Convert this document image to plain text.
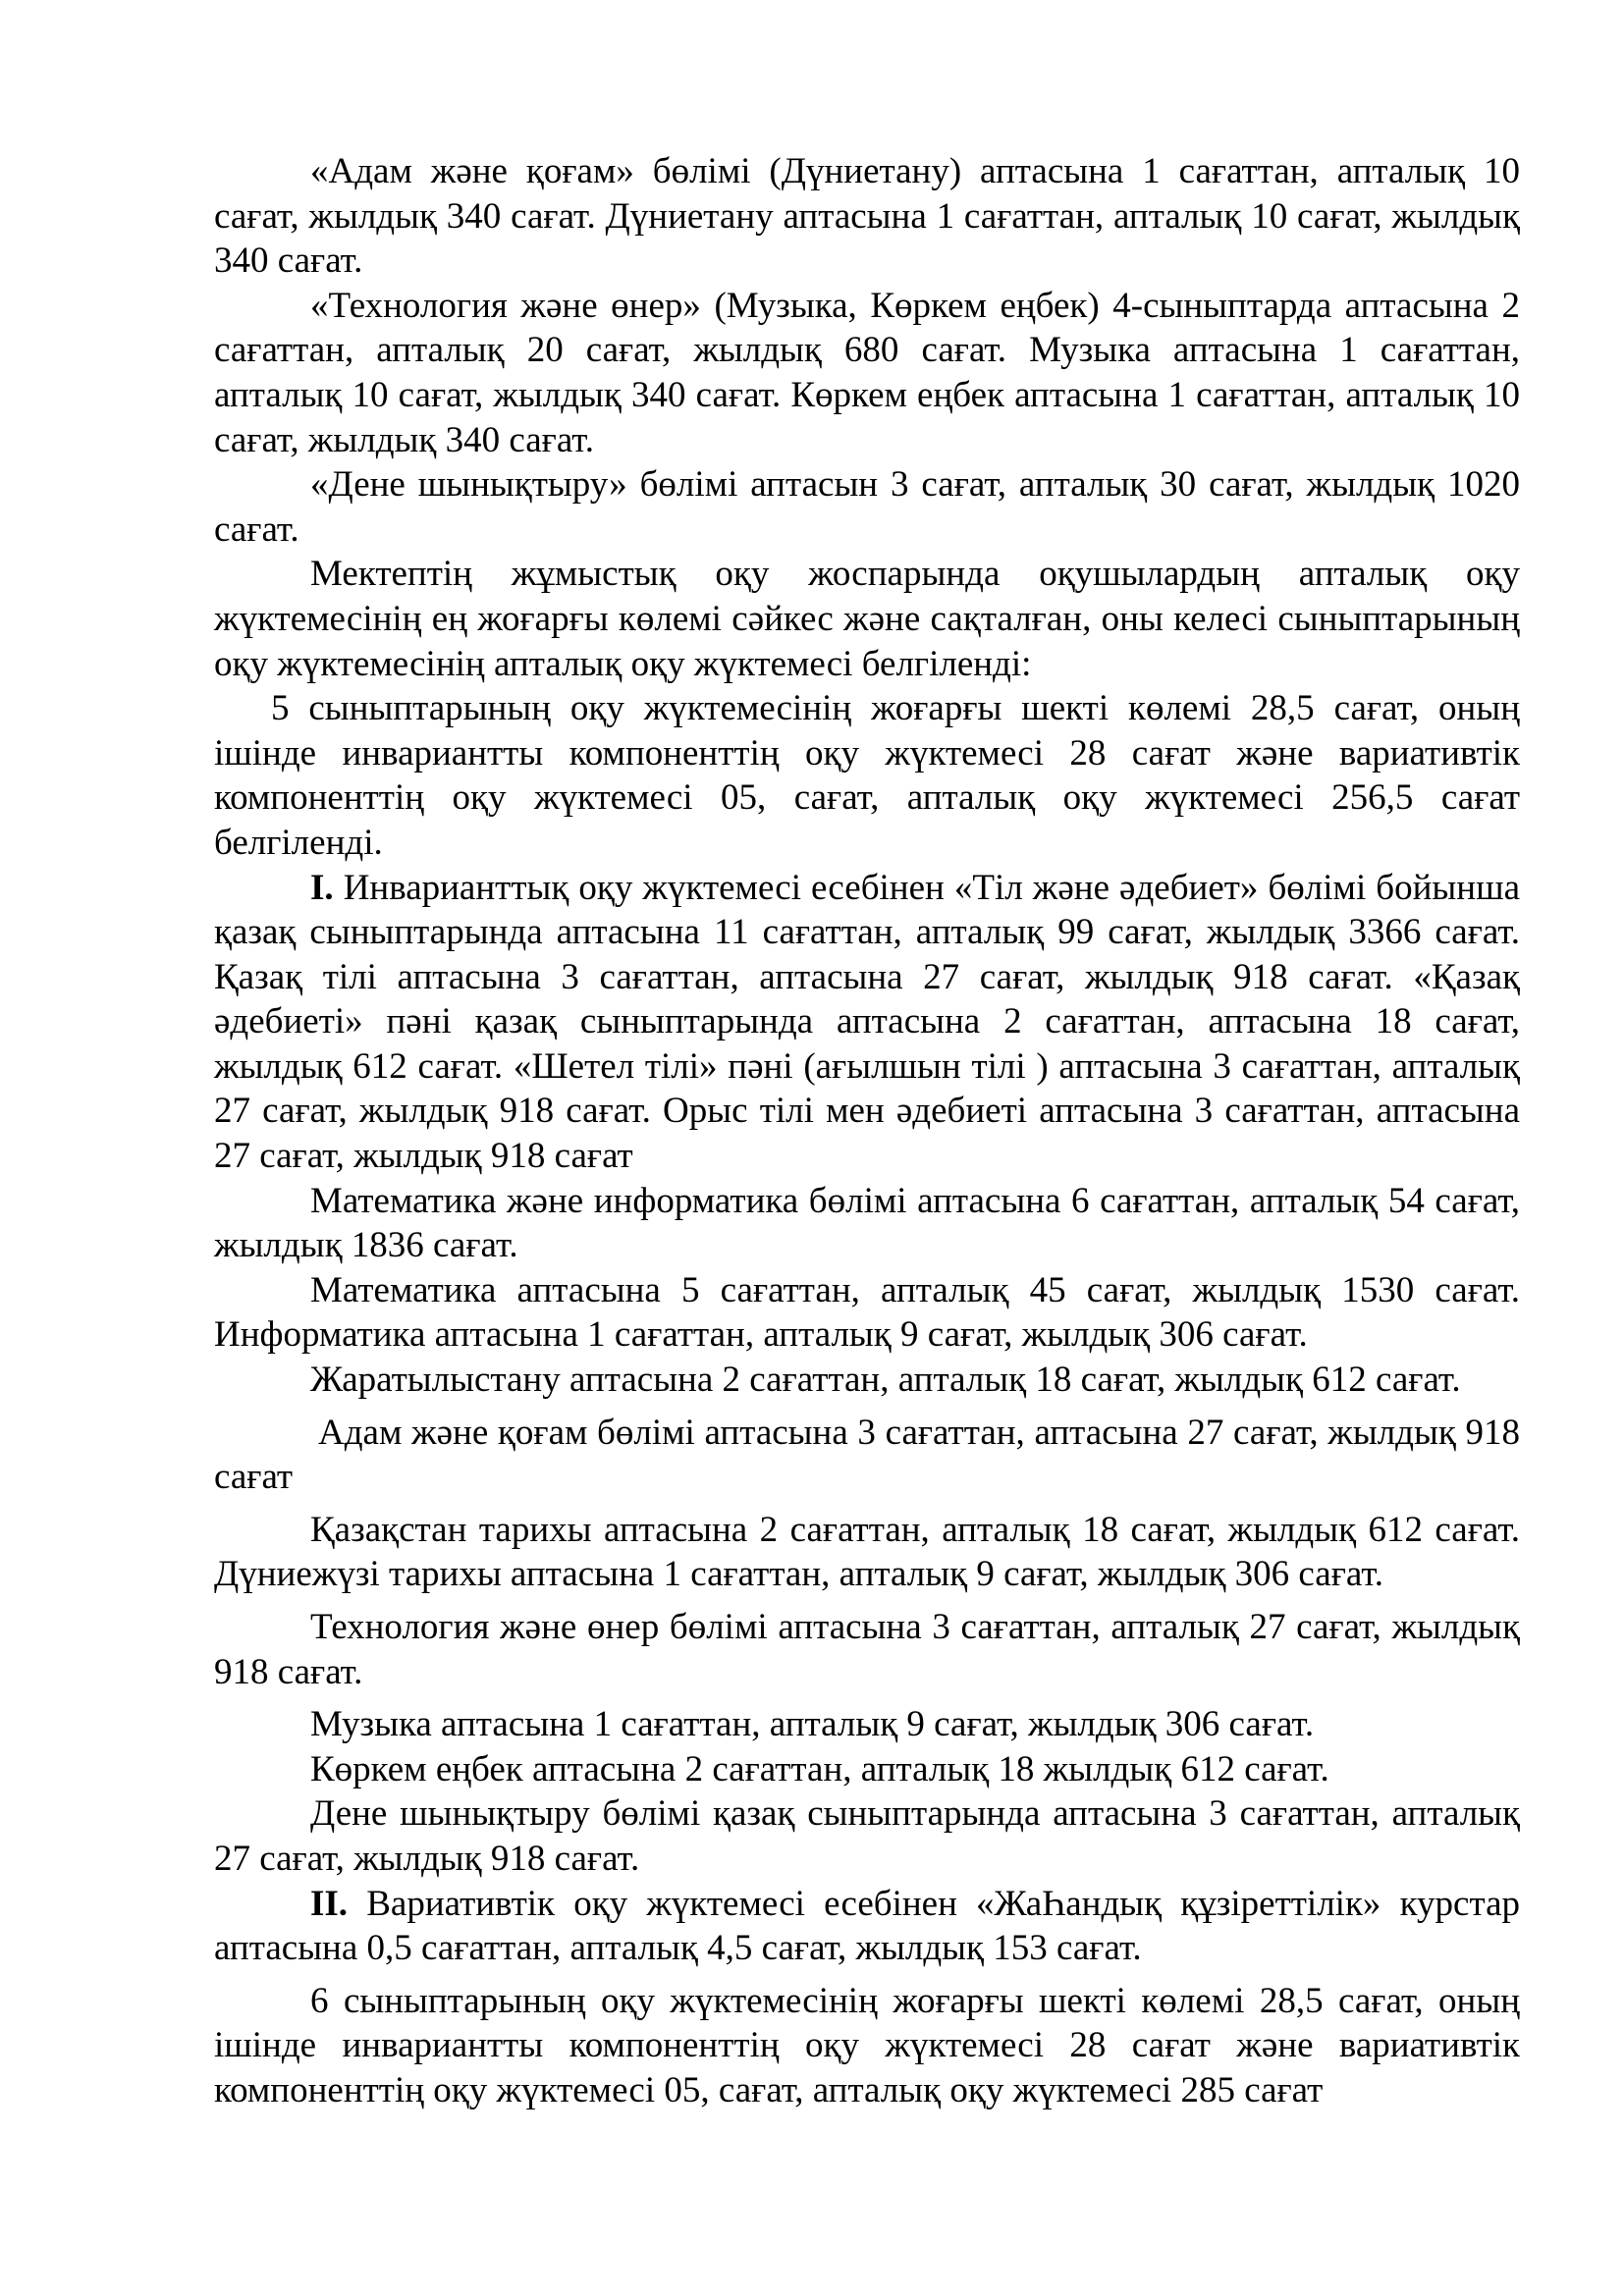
«Адам және қоғам» бөлімі (Дүниетану) аптасына 1 сағаттан, апталық 10 сағат, жылдық 340 сағат. Дүниетану аптасына 1 сағаттан, апталық 10 сағат, жылдық 340 сағат.

«Технология және өнер» (Музыка, Көркем еңбек) 4-сыныптарда аптасына 2 сағаттан, апталық 20 сағат, жылдық 680 сағат. Музыка аптасына 1 сағаттан, апталық 10 сағат, жылдық 340 сағат. Көркем еңбек аптасына 1 сағаттан, апталық 10 сағат, жылдық 340 сағат.

«Дене шынықтыру» бөлімі аптасын 3 сағат, апталық 30 сағат, жылдық 1020 сағат.

Мектептің жұмыстық оқу жоспарында оқушылардың апталық оқу жүктемесінің ең жоғарғы көлемі сәйкес және сақталған, оны келесі сыныптарының оқу жүктемесінің апталық оқу жүктемесі белгіленді:

5 сыныптарының оқу жүктемесінің жоғарғы шекті көлемі 28,5 сағат, оның ішінде инвариантты компоненттің оқу жүктемесі 28 сағат және вариативтік компоненттің оқу жүктемесі 05, сағат, апталық оқу жүктемесі 256,5 сағат белгіленді.

I. Инварианттық оқу жүктемесі есебінен «Тіл және әдебиет» бөлімі бойынша қазақ сыныптарында аптасына 11 сағаттан, апталық 99 сағат, жылдық 3366 сағат. Қазақ тілі аптасына 3 сағаттан, аптасына 27 сағат, жылдық 918 сағат. «Қазақ әдебиеті» пәні қазақ сыныптарында аптасына 2 сағаттан, аптасына 18 сағат, жылдық 612 сағат. «Шетел тілі» пәні (ағылшын тілі ) аптасына 3 сағаттан, апталық 27 сағат, жылдық 918 сағат. Орыс тілі мен әдебиеті аптасына 3 сағаттан, аптасына 27 сағат, жылдық 918 сағат

Математика және информатика бөлімі аптасына 6 сағаттан, апталық 54 сағат, жылдық 1836 сағат.

Математика аптасына 5 сағаттан, апталық 45 сағат, жылдық 1530 сағат. Информатика аптасына 1 сағаттан, апталық 9 сағат, жылдық 306 сағат.

Жаратылыстану аптасына 2 сағаттан, апталық 18 сағат, жылдық 612 сағат.

Адам және қоғам бөлімі аптасына 3 сағаттан, аптасына 27 сағат, жылдық 918 сағат

Қазақстан тарихы аптасына 2 сағаттан, апталық 18 сағат, жылдық 612 сағат. Дүниежүзі тарихы аптасына 1 сағаттан, апталық 9 сағат, жылдық 306 сағат.

Технология және өнер бөлімі аптасына 3 сағаттан, апталық 27 сағат, жылдық 918 сағат.

Музыка аптасына 1 сағаттан, апталық 9 сағат, жылдық 306 сағат.

Көркем еңбек аптасына 2 сағаттан, апталық 18 жылдық 612 сағат.

Дене шынықтыру бөлімі қазақ сыныптарында аптасына 3 сағаттан, апталық 27 сағат, жылдық 918 сағат.

II. Вариативтік оқу жүктемесі есебінен «ЖаҺандық құзіреттілік» курстар аптасына 0,5 сағаттан, апталық 4,5 сағат, жылдық 153 сағат.

6 сыныптарының оқу жүктемесінің жоғарғы шекті көлемі 28,5 сағат, оның ішінде инвариантты компоненттің оқу жүктемесі 28 сағат және вариативтік компоненттің оқу жүктемесі 05, сағат, апталық оқу жүктемесі 285 сағат
